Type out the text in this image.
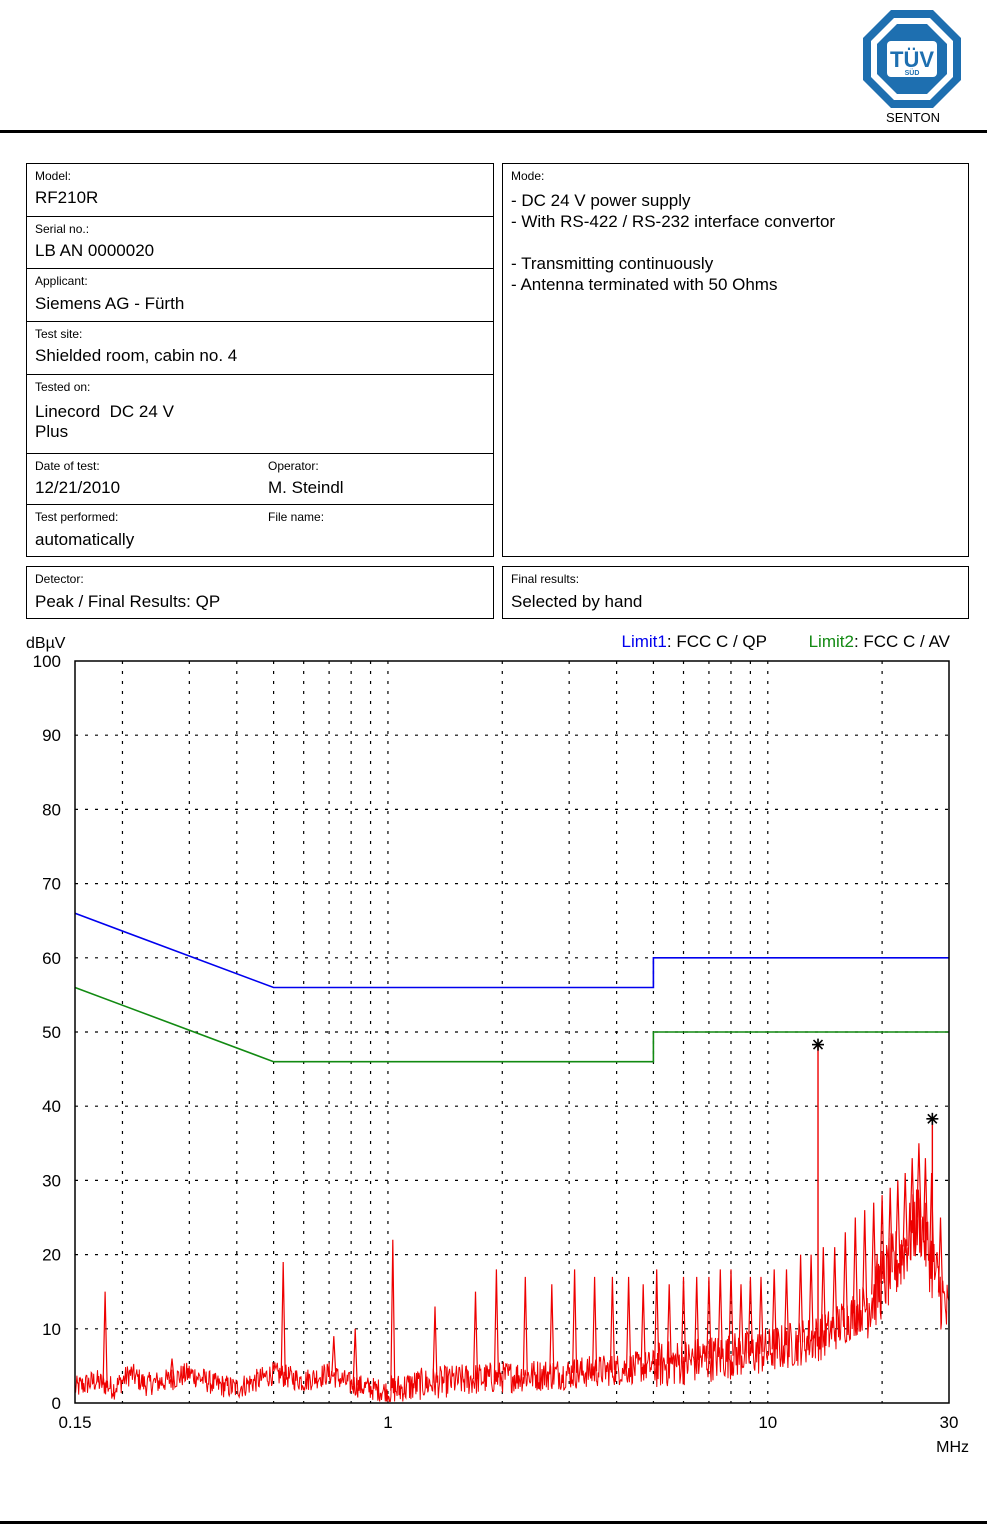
TÜV
SÜD
SENTON
Model:
RF210R
Serial no.:
LB AN 0000020
Applicant:
Siemens AG - Fürth
Test site:
Shielded room, cabin no. 4
Tested on:
Linecord  DC 24 V
Plus
Date of test:
12/21/2010
Operator:
M. Steindl
Test performed:
automatically
File name:
Mode:
- DC 24 V power supply
- With RS-422 / RS-232 interface convertor
- Transmitting continuously
- Antenna terminated with 50 Ohms
Detector:
Peak / Final Results: QP
Final results:
Selected by hand
0
10
20
30
40
50
60
70
80
90
100
0.15	1	10	30
dBµV
MHz
Limit1: FCC C / QP Limit2: FCC C / AV
